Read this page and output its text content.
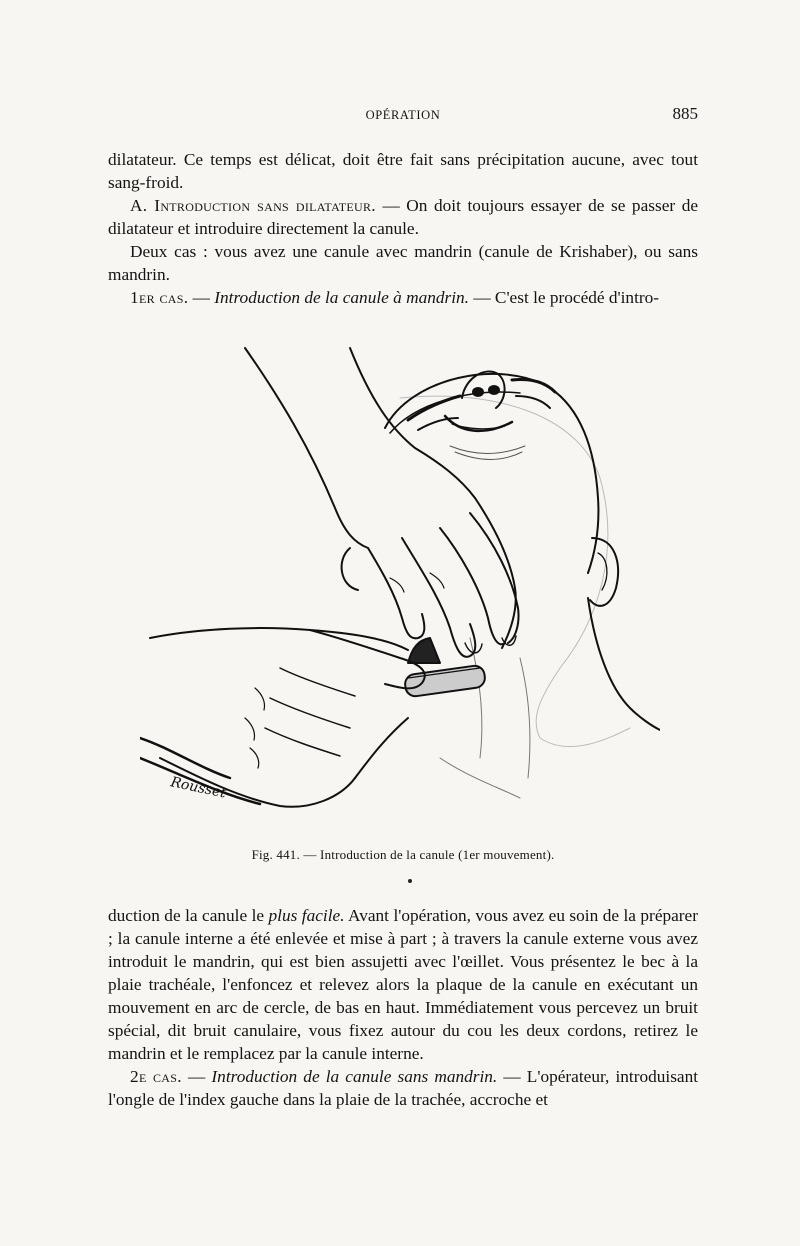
OPÉRATION	885

dilatateur. Ce temps est délicat, doit être fait sans précipitation aucune, avec tout sang-froid.

A. Introduction sans dilatateur. — On doit toujours essayer de se passer de dilatateur et introduire directement la canule.

Deux cas : vous avez une canule avec mandrin (canule de Krishaber), ou sans mandrin.

1er cas. — Introduction de la canule à mandrin. — C'est le procédé d'intro-

Rousset
Fig. 441. — Introduction de la canule (1er mouvement).

duction de la canule le plus facile. Avant l'opération, vous avez eu soin de la préparer ; la canule interne a été enlevée et mise à part ; à travers la canule externe vous avez introduit le mandrin, qui est bien assujetti avec l'œillet. Vous présentez le bec à la plaie trachéale, l'enfoncez et relevez alors la plaque de la canule en exécutant un mouvement en arc de cercle, de bas en haut. Immédiatement vous percevez un bruit spécial, dit bruit canulaire, vous fixez autour du cou les deux cordons, retirez le mandrin et le remplacez par la canule interne.

2e cas. — Introduction de la canule sans mandrin. — L'opérateur, introduisant l'ongle de l'index gauche dans la plaie de la trachée, accroche et
